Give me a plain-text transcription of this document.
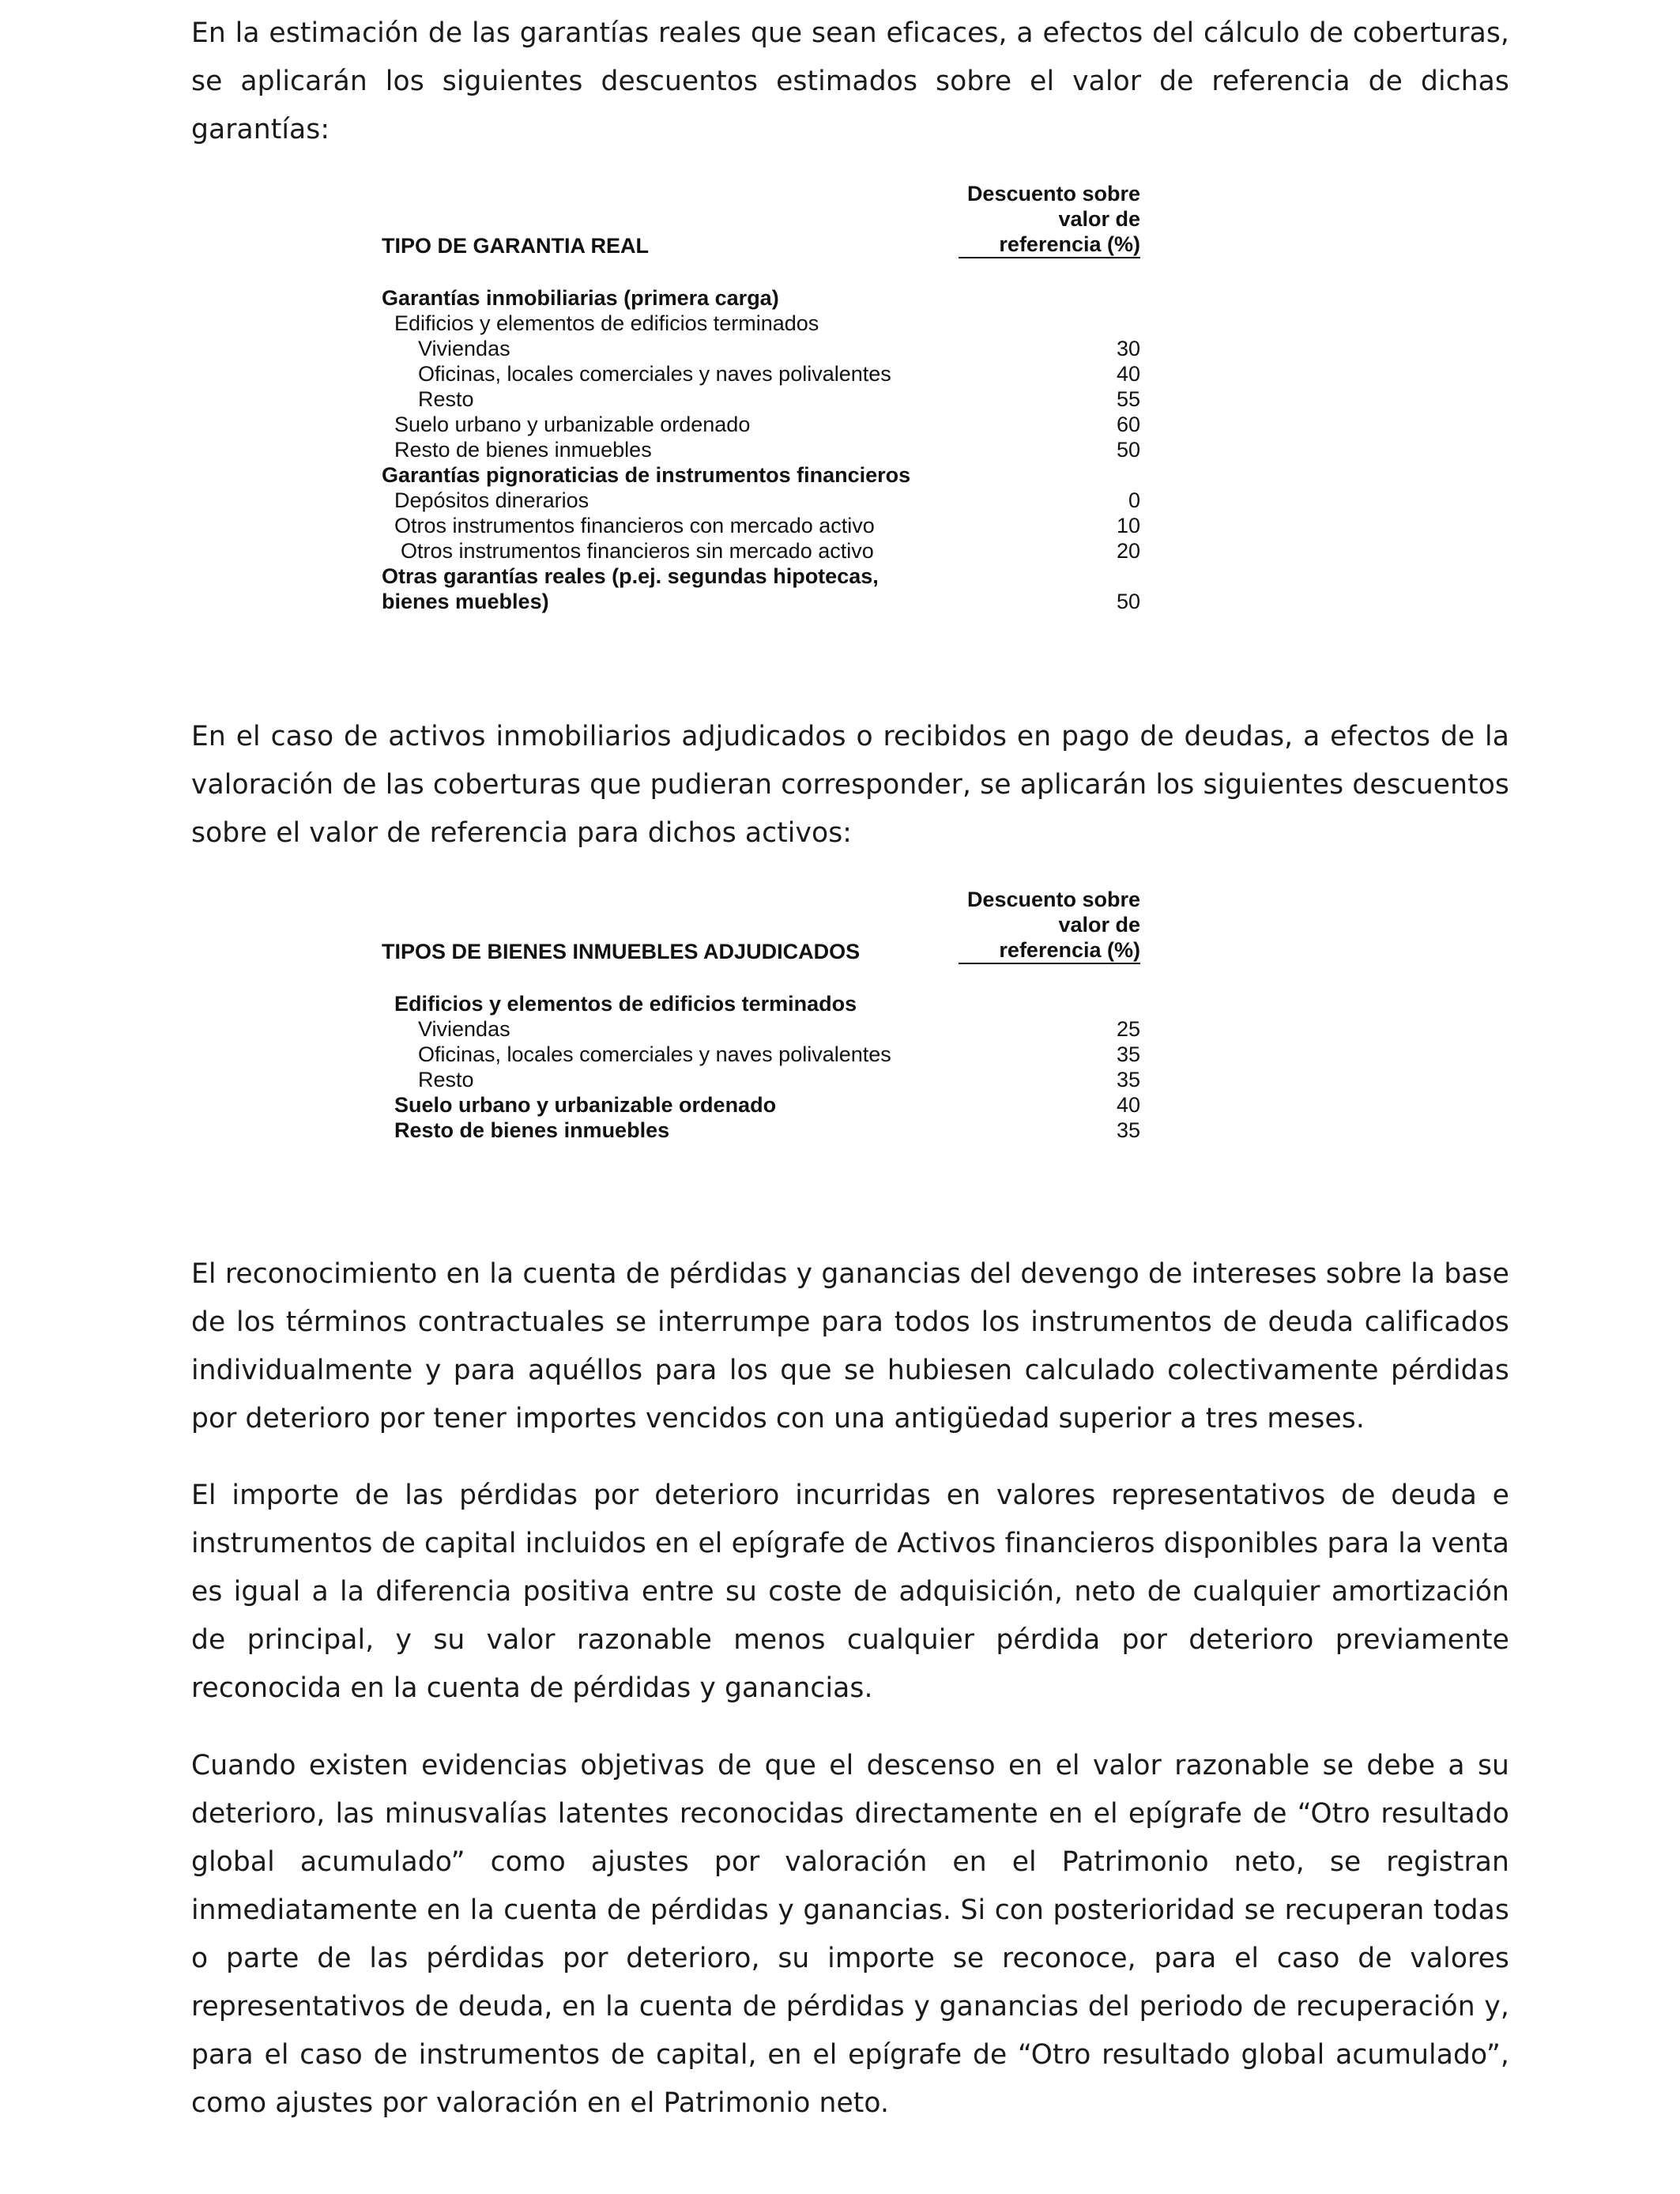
En la estimación de las garantías reales que sean eficaces, a efectos del cálculo de coberturas, se aplicarán los siguientes descuentos estimados sobre el valor de referencia de dichas garantías:

TIPO DE GARANTIA REAL
Descuento sobre
valor de
referencia (%)
Garantías inmobiliarias (primera carga)
Edificios y elementos de edificios terminados
Viviendas	30
Oficinas, locales comerciales y naves polivalentes	40
Resto	55
Suelo urbano y urbanizable ordenado	60
Resto de bienes inmuebles	50
Garantías pignoraticias de instrumentos financieros
Depósitos dinerarios	0
Otros instrumentos financieros con mercado activo	10
Otros instrumentos financieros sin mercado activo	20
Otras garantías reales (p.ej. segundas hipotecas,
bienes muebles)	50

En el caso de activos inmobiliarios adjudicados o recibidos en pago de deudas, a efectos de la valoración de las coberturas que pudieran corresponder, se aplicarán los siguientes descuentos sobre el valor de referencia para dichos activos:

TIPOS DE BIENES INMUEBLES ADJUDICADOS
Descuento sobre
valor de
referencia (%)
Edificios y elementos de edificios terminados
Viviendas	25
Oficinas, locales comerciales y naves polivalentes	35
Resto	35
Suelo urbano y urbanizable ordenado	40
Resto de bienes inmuebles	35

El reconocimiento en la cuenta de pérdidas y ganancias del devengo de intereses sobre la base de los términos contractuales se interrumpe para todos los instrumentos de deuda calificados individualmente y para aquéllos para los que se hubiesen calculado colectivamente pérdidas por deterioro por tener importes vencidos con una antigüedad superior a tres meses.

El importe de las pérdidas por deterioro incurridas en valores representativos de deuda e instrumentos de capital incluidos en el epígrafe de Activos financieros disponibles para la venta es igual a la diferencia positiva entre su coste de adquisición, neto de cualquier amortización de principal, y su valor razonable menos cualquier pérdida por deterioro previamente reconocida en la cuenta de pérdidas y ganancias.

Cuando existen evidencias objetivas de que el descenso en el valor razonable se debe a su deterioro, las minusvalías latentes reconocidas directamente en el epígrafe de “Otro resultado global acumulado” como ajustes por valoración en el Patrimonio neto, se registran inmediatamente en la cuenta de pérdidas y ganancias. Si con posterioridad se recuperan todas o parte de las pérdidas por deterioro, su importe se reconoce, para el caso de valores representativos de deuda, en la cuenta de pérdidas y ganancias del periodo de recuperación y, para el caso de instrumentos de capital, en el epígrafe de “Otro resultado global acumulado”, como ajustes por valoración en el Patrimonio neto.
